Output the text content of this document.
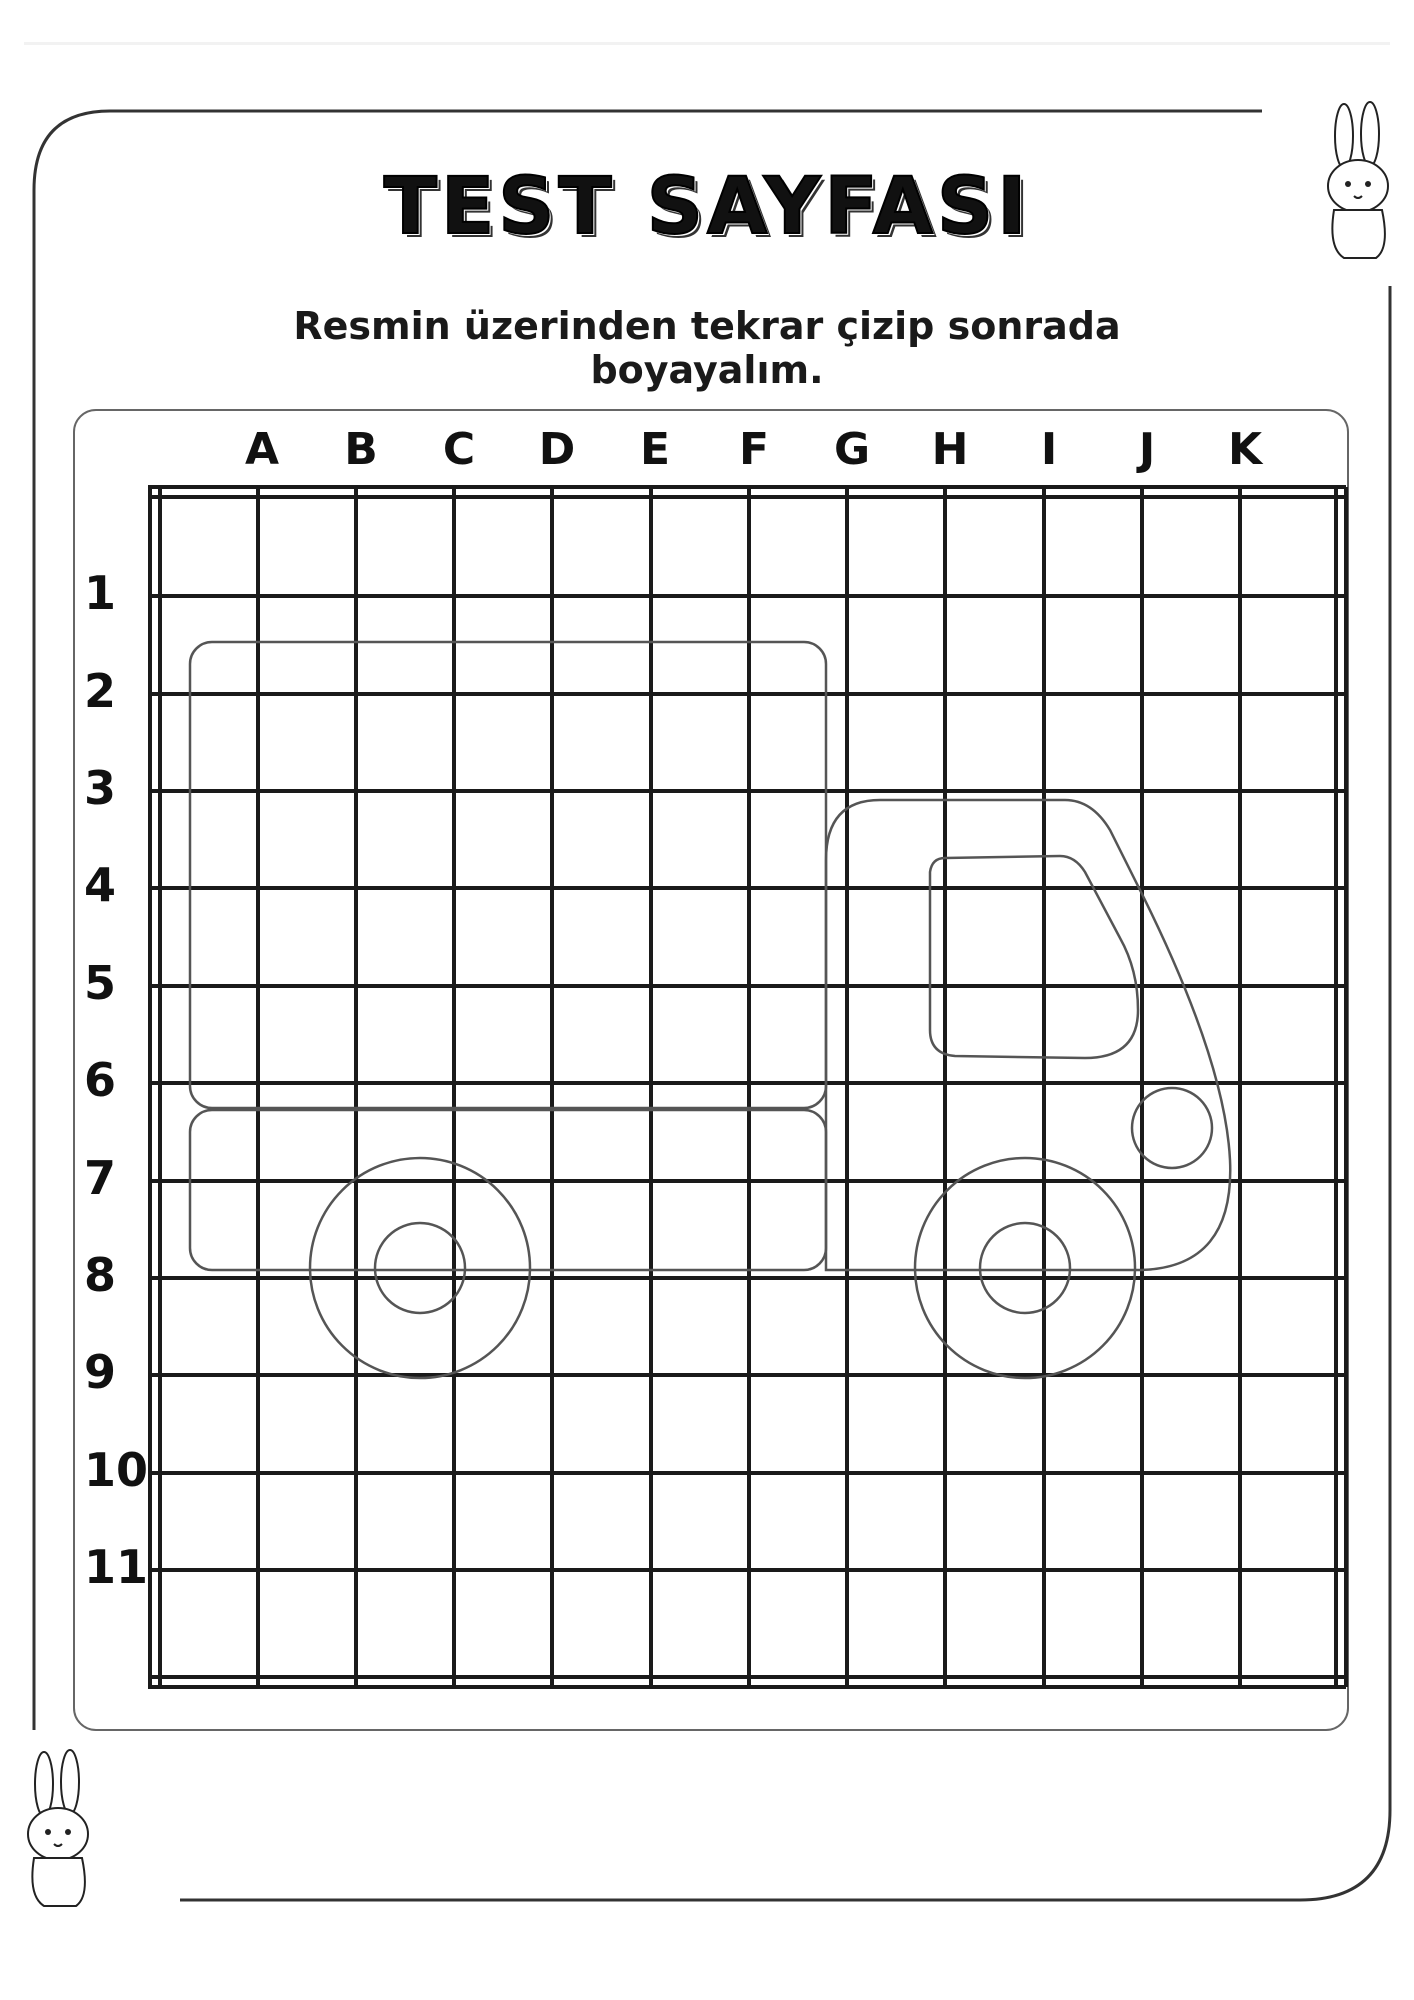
TEST SAYFASI
Resmin üzerinden tekrar çizip sonrada boyayalım.
A	B	C	D	E	F	G H	I	J	K
1
2
3
4
5
6
7
8
9
10
11
